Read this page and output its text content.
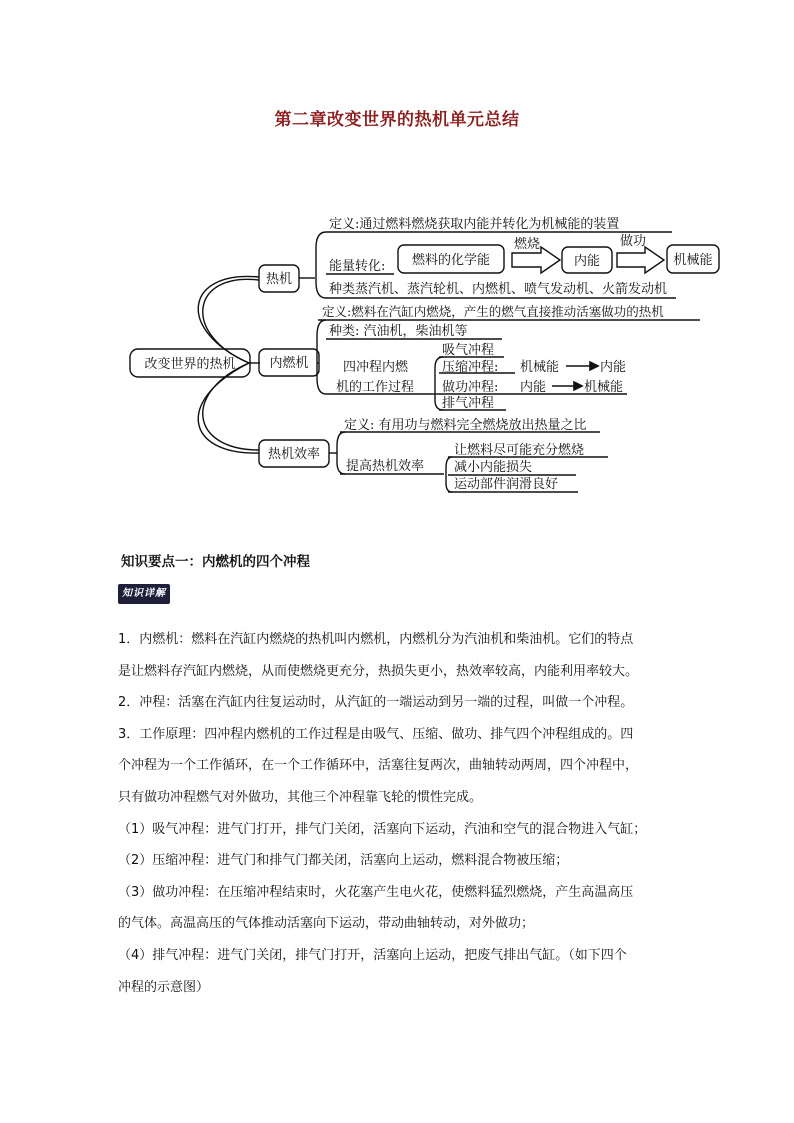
第二章改变世界的热机单元总结
改变世界的热机
热机
内燃机
热机效率
定义:通过燃料燃烧获取内能并转化为机械能的装置
能量转化: 燃料的化学能	内能	机械能
燃烧	做功
种类蒸汽机、蒸汽轮机、内燃机、喷气发动机、火箭发动机
定义:燃料在汽缸内燃烧，产生的燃气直接推动活塞做功的热机
种类: 汽油机，柴油机等
四冲程内燃
机的工作过程
吸气冲程
压缩冲程: 机械能	内能
做功冲程: 内能	机械能
排气冲程
定义: 有用功与燃料完全燃烧放出热量之比
提高热机效率
让燃料尽可能充分燃烧
减小内能损失
运动部件润滑良好
知识要点一：内燃机的四个冲程
知识详解

1．内燃机：燃料在汽缸内燃烧的热机叫内燃机，内燃机分为汽油机和柴油机。它们的特点

是让燃料存汽缸内燃烧，从而使燃烧更充分，热损失更小，热效率较高，内能利用率较大。

2．冲程：活塞在汽缸内往复运动时，从汽缸的一端运动到另一端的过程，叫做一个冲程。

3．工作原理：四冲程内燃机的工作过程是由吸气、压缩、做功、排气四个冲程组成的。四

个冲程为一个工作循环，在一个工作循环中，活塞往复两次，曲轴转动两周，四个冲程中，

只有做功冲程燃气对外做功，其他三个冲程靠飞轮的惯性完成。

（1）吸气冲程：进气门打开，排气门关闭，活塞向下运动，汽油和空气的混合物进入气缸；

（2）压缩冲程：进气门和排气门都关闭，活塞向上运动，燃料混合物被压缩；

（3）做功冲程：在压缩冲程结束时，火花塞产生电火花，使燃料猛烈燃烧，产生高温高压

的气体。高温高压的气体推动活塞向下运动，带动曲轴转动，对外做功；

（4）排气冲程：进气门关闭，排气门打开，活塞向上运动，把废气排出气缸。（如下四个

冲程的示意图）
